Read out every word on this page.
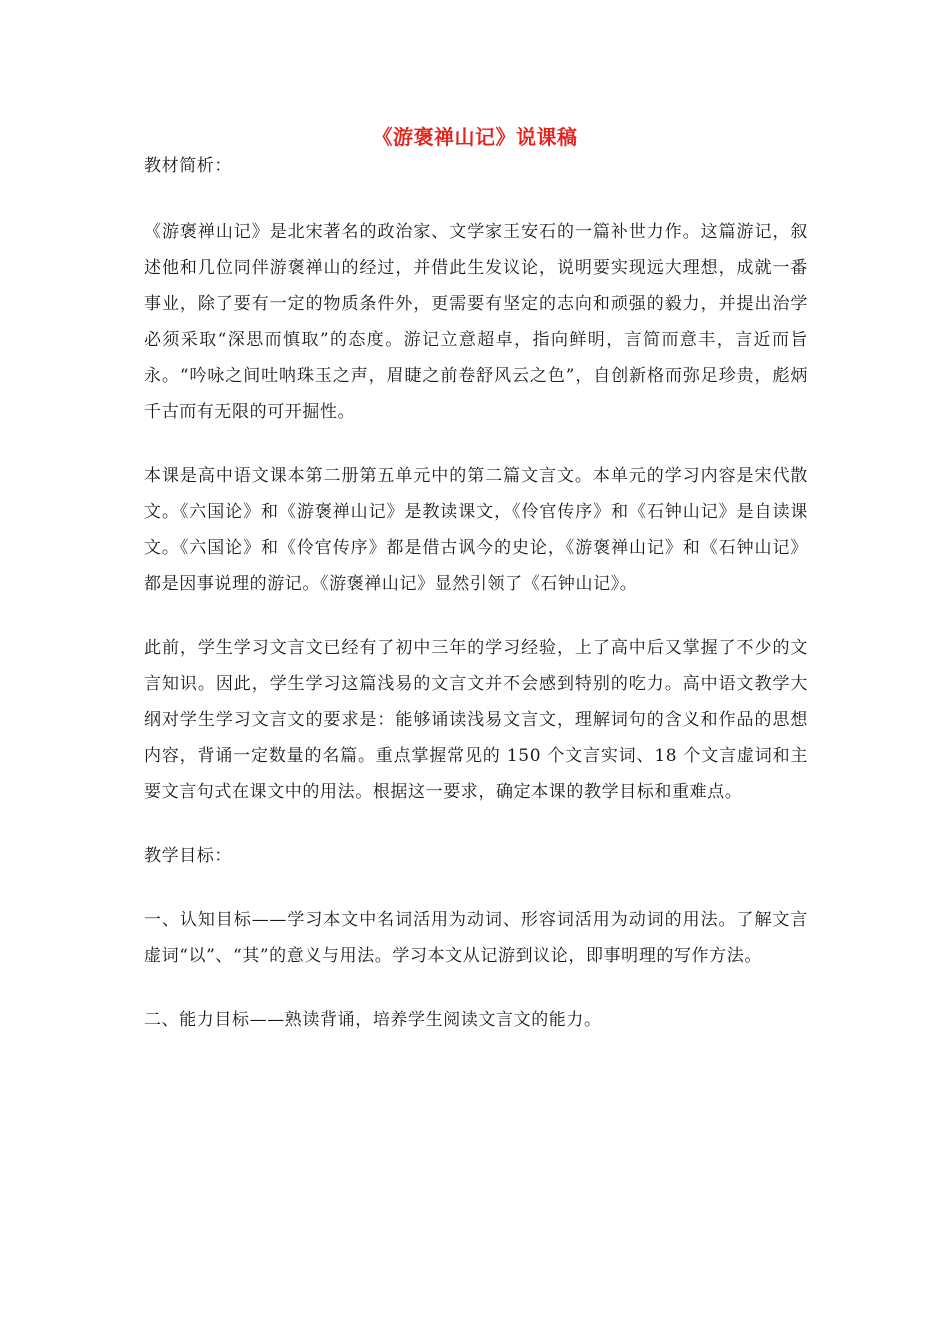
《游褒禅山记》说课稿

教材简析：

《游褒禅山记》是北宋著名的政治家、文学家王安石的一篇补世力作。这篇游记，叙述他和几位同伴游褒禅山的经过，并借此生发议论，说明要实现远大理想，成就一番事业，除了要有一定的物质条件外，更需要有坚定的志向和顽强的毅力，并提出治学必须采取“深思而慎取”的态度。游记立意超卓，指向鲜明，言简而意丰，言近而旨永。“吟咏之间吐呐珠玉之声，眉睫之前卷舒风云之色”，自创新格而弥足珍贵，彪炳千古而有无限的可开掘性。

本课是高中语文课本第二册第五单元中的第二篇文言文。本单元的学习内容是宋代散文。《六国论》和《游褒禅山记》是教读课文，《伶官传序》和《石钟山记》是自读课文。《六国论》和《伶官传序》都是借古讽今的史论，《游褒禅山记》和《石钟山记》都是因事说理的游记。《游褒禅山记》显然引领了《石钟山记》。

此前，学生学习文言文已经有了初中三年的学习经验，上了高中后又掌握了不少的文言知识。因此，学生学习这篇浅易的文言文并不会感到特别的吃力。高中语文教学大纲对学生学习文言文的要求是：能够诵读浅易文言文，理解词句的含义和作品的思想内容，背诵一定数量的名篇。重点掌握常见的 150 个文言实词、18 个文言虚词和主要文言句式在课文中的用法。根据这一要求，确定本课的教学目标和重难点。

教学目标：

一、认知目标——学习本文中名词活用为动词、形容词活用为动词的用法。了解文言虚词“以”、“其”的意义与用法。学习本文从记游到议论，即事明理的写作方法。

二、能力目标——熟读背诵，培养学生阅读文言文的能力。
